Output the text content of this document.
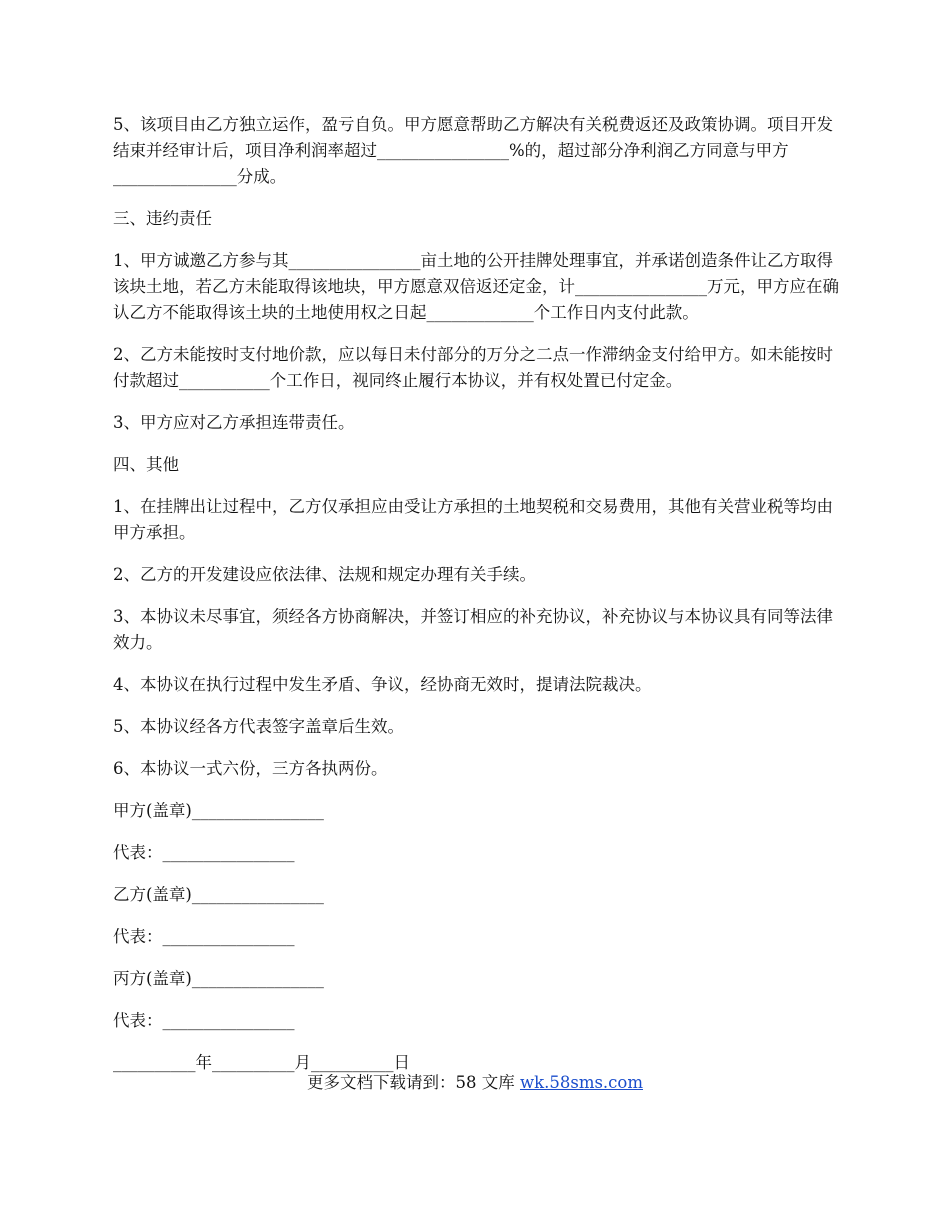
5、该项目由乙方独立运作，盈亏自负。甲方愿意帮助乙方解决有关税费返还及政策协调。项目开发结束并经审计后，项目净利润率超过________________%的，超过部分净利润乙方同意与甲方_______________分成。

三、违约责任

1、甲方诚邀乙方参与其________________亩土地的公开挂牌处理事宜，并承诺创造条件让乙方取得该块土地，若乙方未能取得该地块，甲方愿意双倍返还定金，计________________万元，甲方应在确认乙方不能取得该土块的土地使用权之日起_____________个工作日内支付此款。

2、乙方未能按时支付地价款，应以每日未付部分的万分之二点一作滞纳金支付给甲方。如未能按时付款超过___________个工作日，视同终止履行本协议，并有权处置已付定金。

3、甲方应对乙方承担连带责任。

四、其他

1、在挂牌出让过程中，乙方仅承担应由受让方承担的土地契税和交易费用，其他有关营业税等均由甲方承担。

2、乙方的开发建设应依法律、法规和规定办理有关手续。

3、本协议未尽事宜，须经各方协商解决，并签订相应的补充协议，补充协议与本协议具有同等法律效力。

4、本协议在执行过程中发生矛盾、争议，经协商无效时，提请法院裁决。

5、本协议经各方代表签字盖章后生效。

6、本协议一式六份，三方各执两份。

甲方(盖章)________________
代表：________________
乙方(盖章)________________
代表：________________
丙方(盖章)________________
代表：________________
__________年__________月__________日
更多文档下载请到：58 文库 wk.58sms.com
